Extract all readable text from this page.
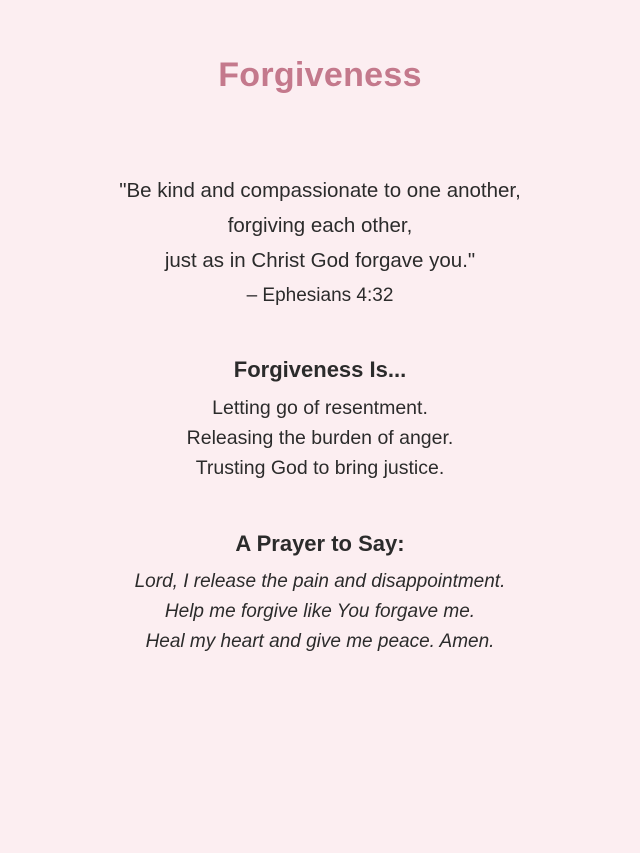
Forgiveness
"Be kind and compassionate to one another,
forgiving each other,
just as in Christ God forgave you."
– Ephesians 4:32
Forgiveness Is...
Letting go of resentment.
Releasing the burden of anger.
Trusting God to bring justice.
A Prayer to Say:
Lord, I release the pain and disappointment.
Help me forgive like You forgave me.
Heal my heart and give me peace. Amen.
